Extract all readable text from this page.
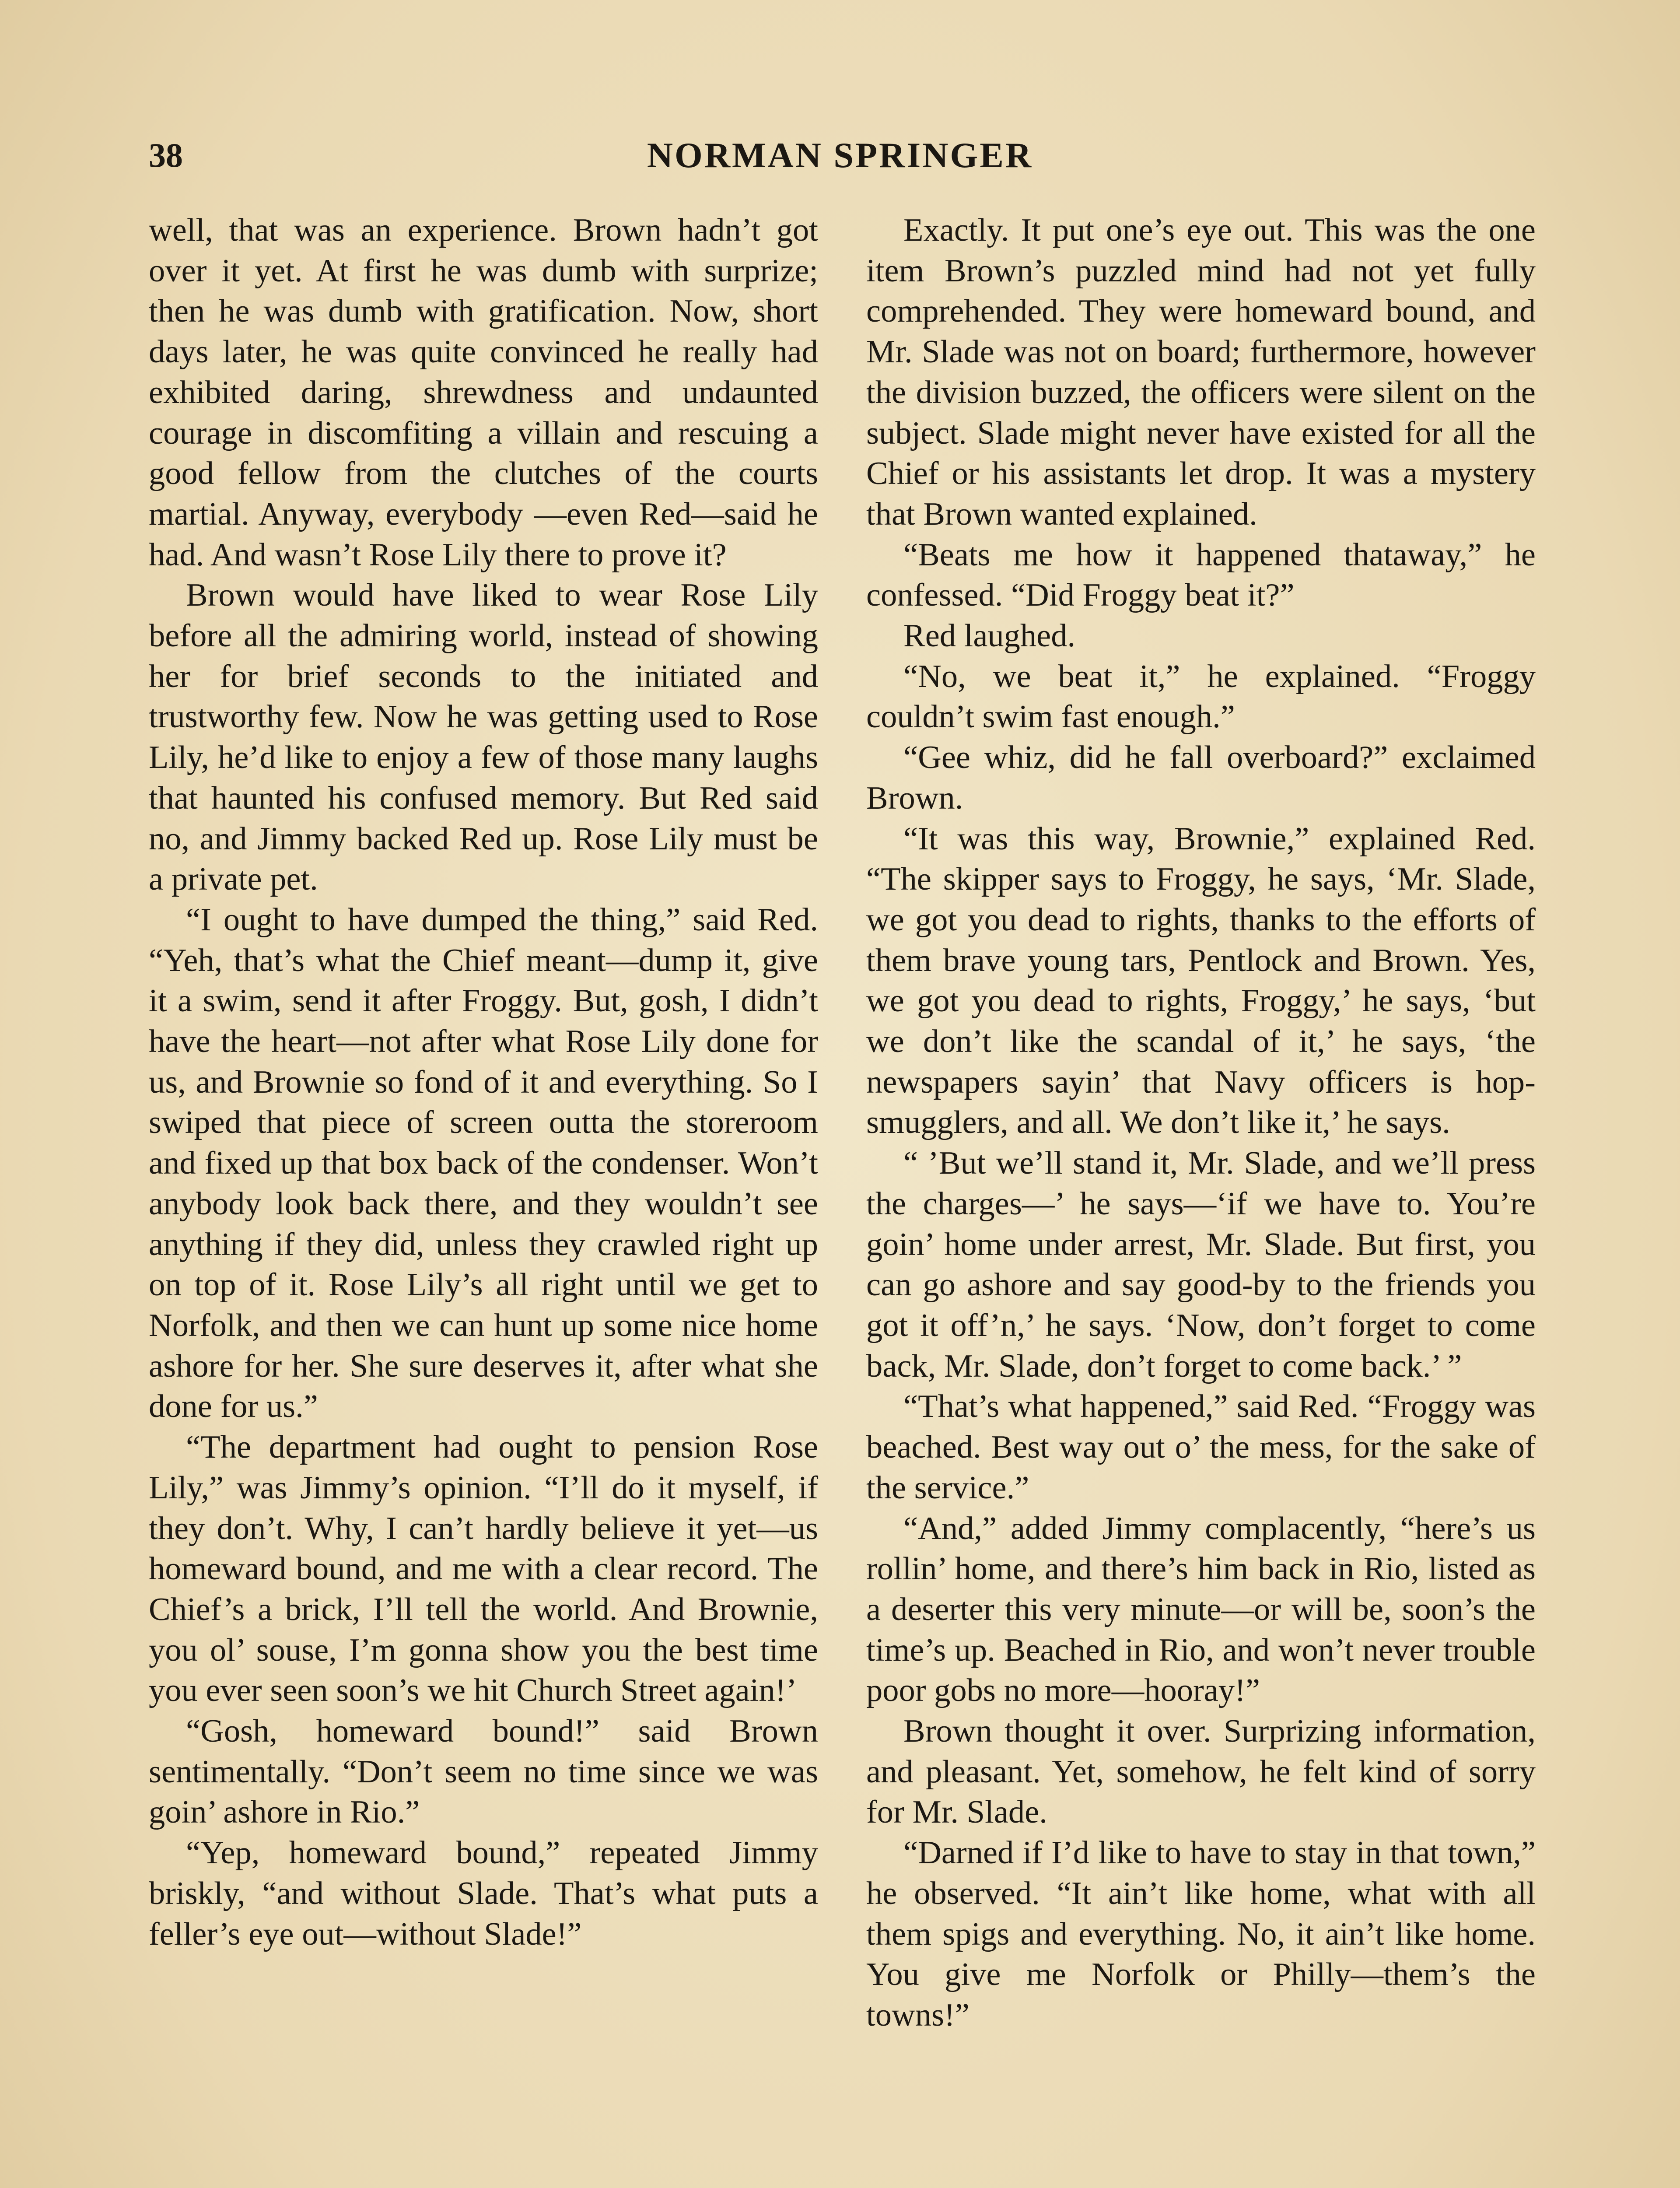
38	NORMAN SPRINGER

well, that was an experience. Brown hadn’t got over it yet. At first he was dumb with surprize; then he was dumb with gratification. Now, short days later, he was quite convinced he really had exhibited daring, shrewdness and undaunted courage in discomfiting a villain and rescuing a good fellow from the clutches of the courts martial. Anyway, everybody —even Red—said he had. And wasn’t Rose Lily there to prove it?

Brown would have liked to wear Rose Lily before all the admiring world, instead of showing her for brief seconds to the initiated and trustworthy few. Now he was getting used to Rose Lily, he’d like to enjoy a few of those many laughs that haunted his confused memory. But Red said no, and Jimmy backed Red up. Rose Lily must be a private pet.

“I ought to have dumped the thing,” said Red. “Yeh, that’s what the Chief meant—dump it, give it a swim, send it after Froggy. But, gosh, I didn’t have the heart—not after what Rose Lily done for us, and Brownie so fond of it and everything. So I swiped that piece of screen outta the storeroom and fixed up that box back of the condenser. Won’t anybody look back there, and they wouldn’t see anything if they did, unless they crawled right up on top of it. Rose Lily’s all right until we get to Norfolk, and then we can hunt up some nice home ashore for her. She sure deserves it, after what she done for us.”

“The department had ought to pension Rose Lily,” was Jimmy’s opinion. “I’ll do it myself, if they don’t. Why, I can’t hardly believe it yet—us homeward bound, and me with a clear record. The Chief’s a brick, I’ll tell the world. And Brownie, you ol’ souse, I’m gonna show you the best time you ever seen soon’s we hit Church Street again!’

“Gosh, homeward bound!” said Brown sentimentally. “Don’t seem no time since we was goin’ ashore in Rio.”

“Yep, homeward bound,” repeated Jimmy briskly, “and without Slade. That’s what puts a feller’s eye out—without Slade!”

Exactly. It put one’s eye out. This was the one item Brown’s puzzled mind had not yet fully comprehended. They were homeward bound, and Mr. Slade was not on board; furthermore, however the division buzzed, the officers were silent on the subject. Slade might never have existed for all the Chief or his assistants let drop. It was a mystery that Brown wanted explained.

“Beats me how it happened thataway,” he confessed. “Did Froggy beat it?”

Red laughed.

“No, we beat it,” he explained. “Froggy couldn’t swim fast enough.”

“Gee whiz, did he fall overboard?” exclaimed Brown.

“It was this way, Brownie,” explained Red. “The skipper says to Froggy, he says, ‘Mr. Slade, we got you dead to rights, thanks to the efforts of them brave young tars, Pentlock and Brown. Yes, we got you dead to rights, Froggy,’ he says, ‘but we don’t like the scandal of it,’ he says, ‘the newspapers sayin’ that Navy officers is hop-smugglers, and all. We don’t like it,’ he says.

“ ’But we’ll stand it, Mr. Slade, and we’ll press the charges—’ he says—‘if we have to. You’re goin’ home under arrest, Mr. Slade. But first, you can go ashore and say good-by to the friends you got it off’n,’ he says. ‘Now, don’t forget to come back, Mr. Slade, don’t forget to come back.’ ”

“That’s what happened,” said Red. “Froggy was beached. Best way out o’ the mess, for the sake of the service.”

“And,” added Jimmy complacently, “here’s us rollin’ home, and there’s him back in Rio, listed as a deserter this very minute—or will be, soon’s the time’s up. Beached in Rio, and won’t never trouble poor gobs no more—hooray!”

Brown thought it over. Surprizing information, and pleasant. Yet, somehow, he felt kind of sorry for Mr. Slade.

“Darned if I’d like to have to stay in that town,” he observed. “It ain’t like home, what with all them spigs and everything. No, it ain’t like home. You give me Norfolk or Philly—them’s the towns!”
